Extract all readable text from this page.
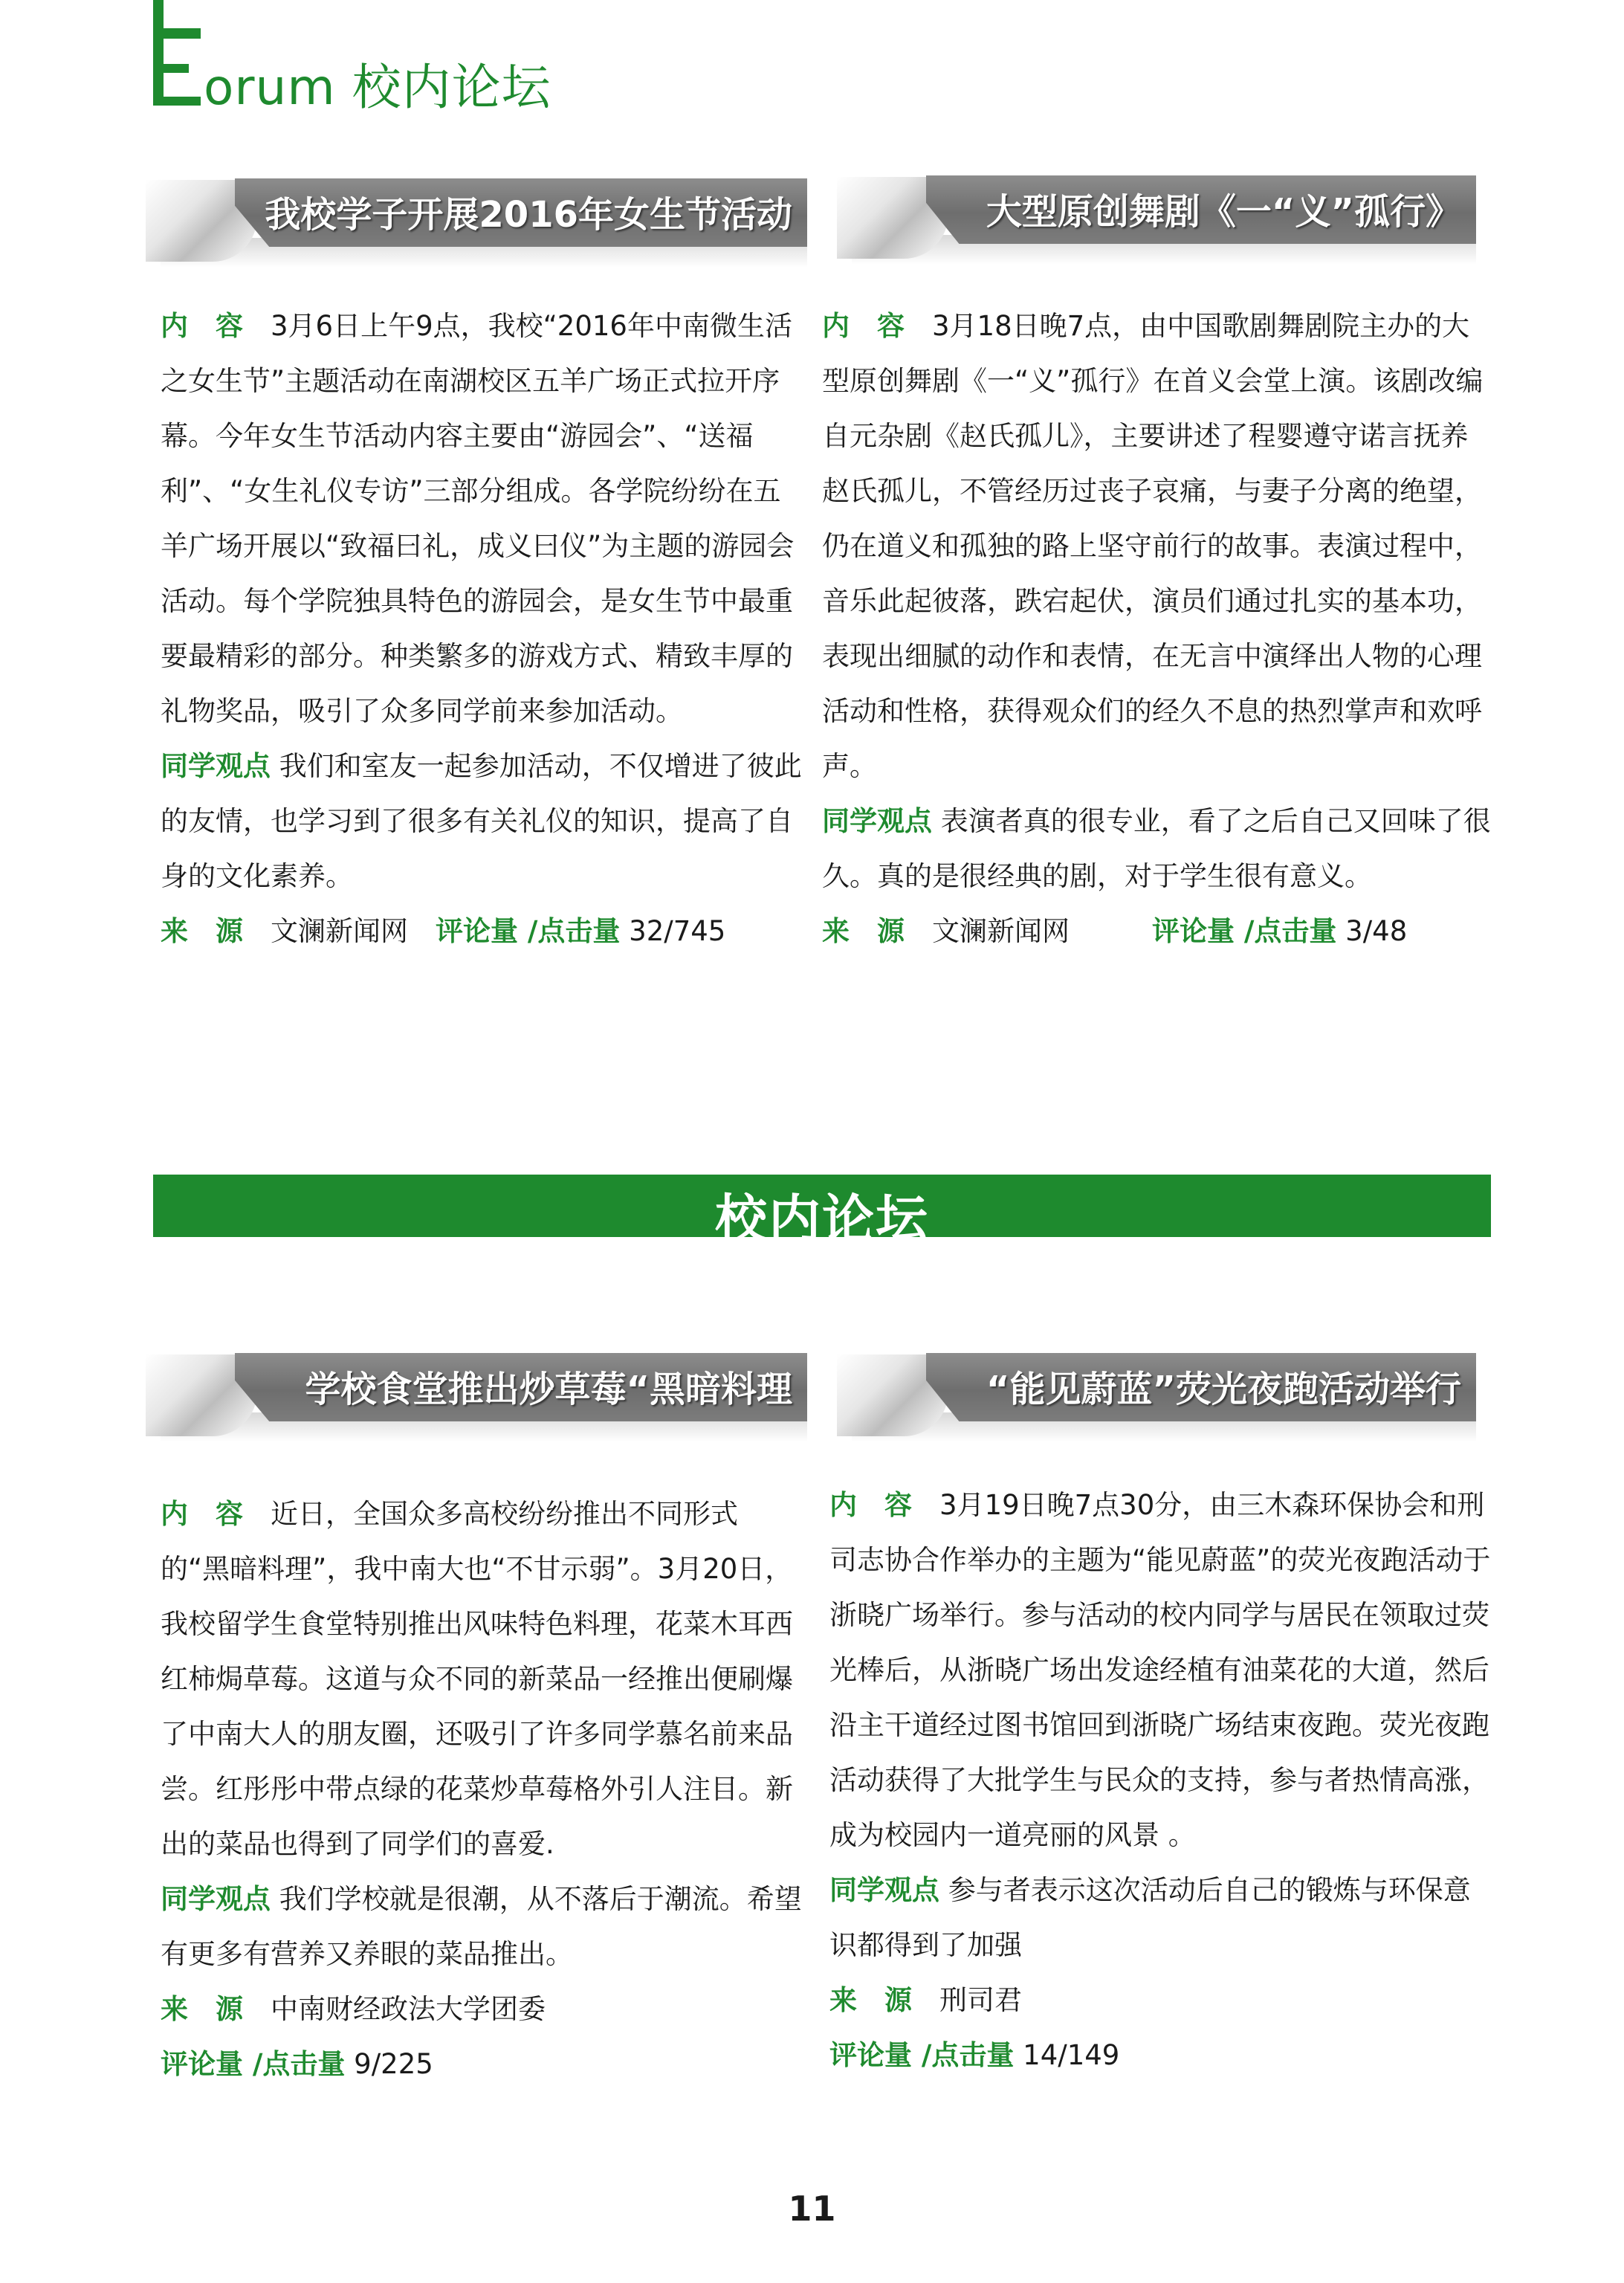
orum 校内论坛
我校学子开展2016年女生节活动	大型原创舞剧《一“义”孤行》

内　容　 3月6日上午9点，我校“2016年中南微生活之女生节”主题活动在南湖校区五羊广场正式拉开序幕。今年女生节活动内容主要由“游园会”、“送福利”、“女生礼仪专访”三部分组成。各学院纷纷在五羊广场开展以“致福曰礼，成义曰仪”为主题的游园会活动。每个学院独具特色的游园会，是女生节中最重要最精彩的部分。种类繁多的游戏方式、精致丰厚的礼物奖品，吸引了众多同学前来参加活动。

同学观点 我们和室友一起参加活动，不仅增进了彼此的友情，也学习到了很多有关礼仪的知识，提高了自身的文化素养。

来　源　 文澜新闻网　 评论量 /点击量 32/745

内　容　 3月18日晚7点，由中国歌剧舞剧院主办的大型原创舞剧《一“义”孤行》在首义会堂上演。该剧改编自元杂剧《赵氏孤儿》，主要讲述了程婴遵守诺言抚养赵氏孤儿，不管经历过丧子哀痛，与妻子分离的绝望，仍在道义和孤独的路上坚守前行的故事。表演过程中，音乐此起彼落，跌宕起伏，演员们通过扎实的基本功，表现出细腻的动作和表情，在无言中演绎出人物的心理活动和性格，获得观众们的经久不息的热烈掌声和欢呼声。

同学观点 表演者真的很专业，看了之后自己又回味了很久。真的是很经典的剧，对于学生很有意义。

来　源　 文澜新闻网　　　	评论量 /点击量 3/48

校内论坛
学校食堂推出炒草莓“黑暗料理	“能见蔚蓝”荧光夜跑活动举行

内　容　 近日，全国众多高校纷纷推出不同形式的“黑暗料理”，我中南大也“不甘示弱”。3月20日，我校留学生食堂特别推出风味特色料理，花菜木耳西红柿焗草莓。这道与众不同的新菜品一经推出便刷爆了中南大人的朋友圈，还吸引了许多同学慕名前来品尝。红彤彤中带点绿的花菜炒草莓格外引人注目。新出的菜品也得到了同学们的喜爱.

同学观点 我们学校就是很潮，从不落后于潮流。希望有更多有营养又养眼的菜品推出。

来　源　 中南财经政法大学团委

评论量 /点击量 9/225

内　容　 3月19日晚7点30分，由三木森环保协会和刑司志协合作举办的主题为“能见蔚蓝”的荧光夜跑活动于浙晓广场举行。参与活动的校内同学与居民在领取过荧光棒后，从浙晓广场出发途经植有油菜花的大道，然后沿主干道经过图书馆回到浙晓广场结束夜跑。荧光夜跑活动获得了大批学生与民众的支持，参与者热情高涨，成为校园内一道亮丽的风景 。

同学观点 参与者表示这次活动后自己的锻炼与环保意识都得到了加强

来　源　 刑司君

评论量 /点击量 14/149

11
